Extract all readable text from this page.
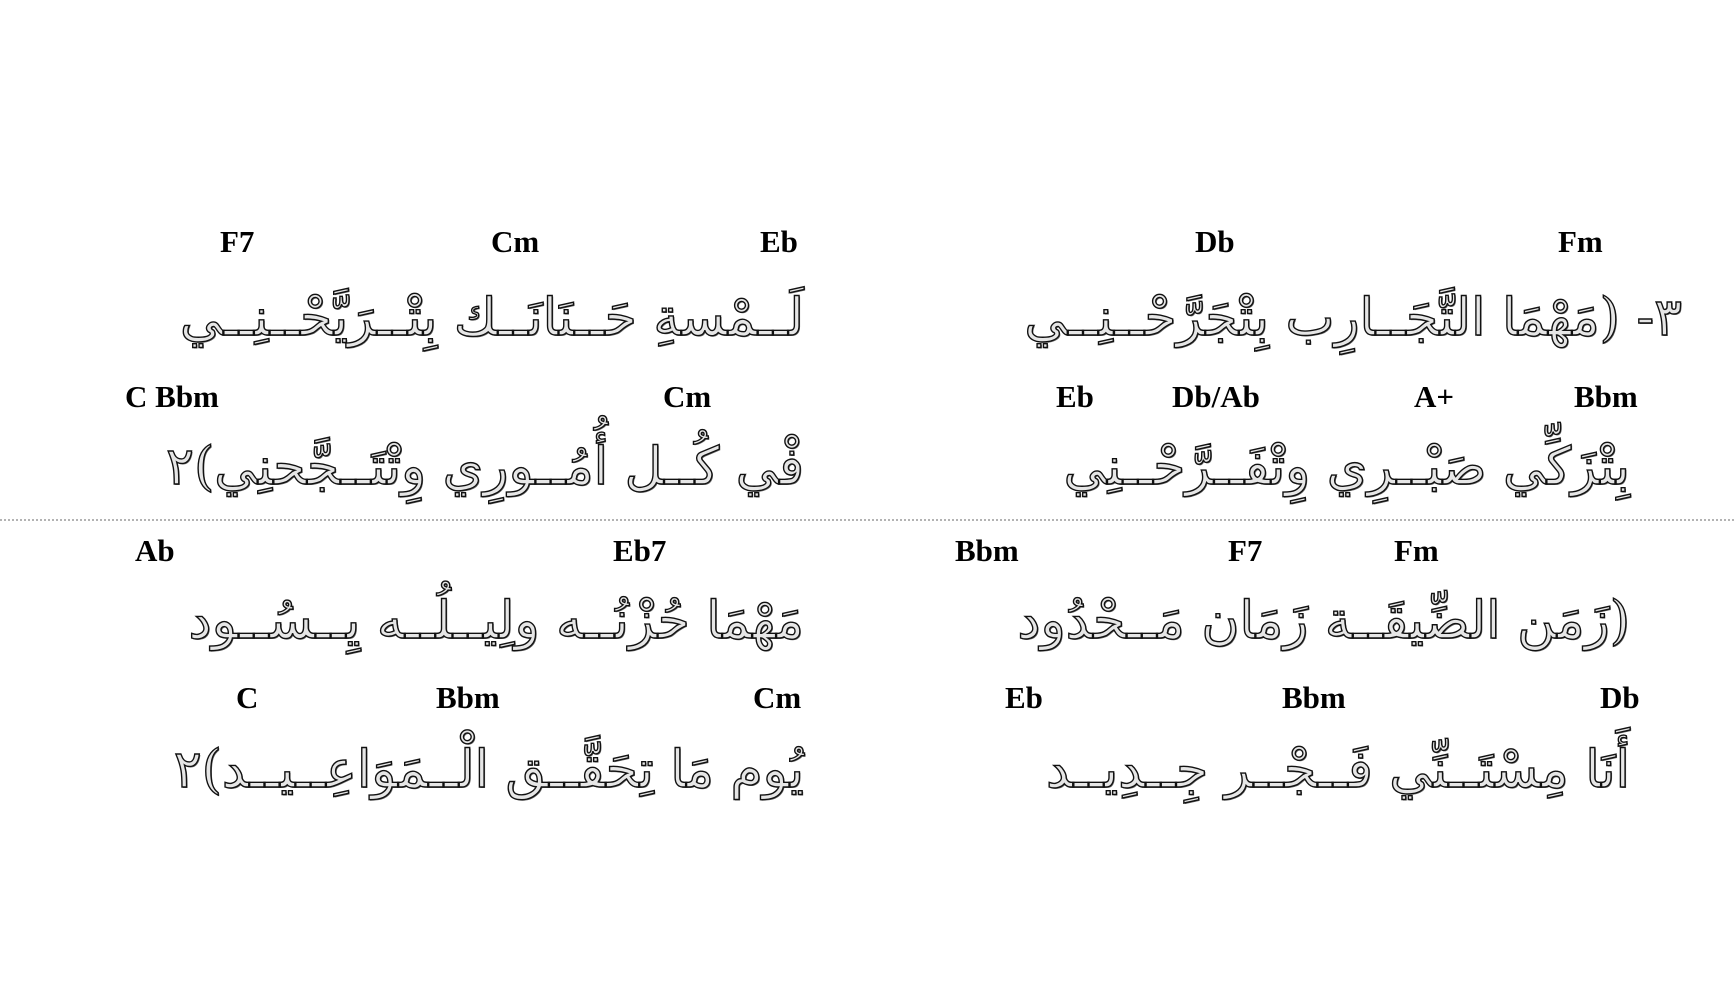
F7	Cm	Eb
لَــمْسةِ حَــنَانَــك بِتْــرَيَّحْــنِــي
C Bbm	Cm
فْي كُــل أُمُــورِي وِتْتَــجَّحنِي)٢
Ab	Eb7
مَهْمَا حُزْنُــه ولِيــلُــه يِــسُــود
C	Bbm	Cm
يُوم مَا تِحَقَّــق الْــمَوَاعِــيــد)٢
Db	Fm
٣- (مَهْمَا التَّجَــارِب بِتْجَرَّحْــنِــي
Eb	Db/Ab	A+	Bbm
بِتْزَكِّي صَبْــرِي وِتْفَــرَّحْــنِي
Bbm	F7	Fm
(زَمَن الضِّيقَــة زَمَان مَــحْدُود
Eb	Bbm	Db
أَنَا مِسْتَــنِّي فَــجْــر جِــدِيــد
